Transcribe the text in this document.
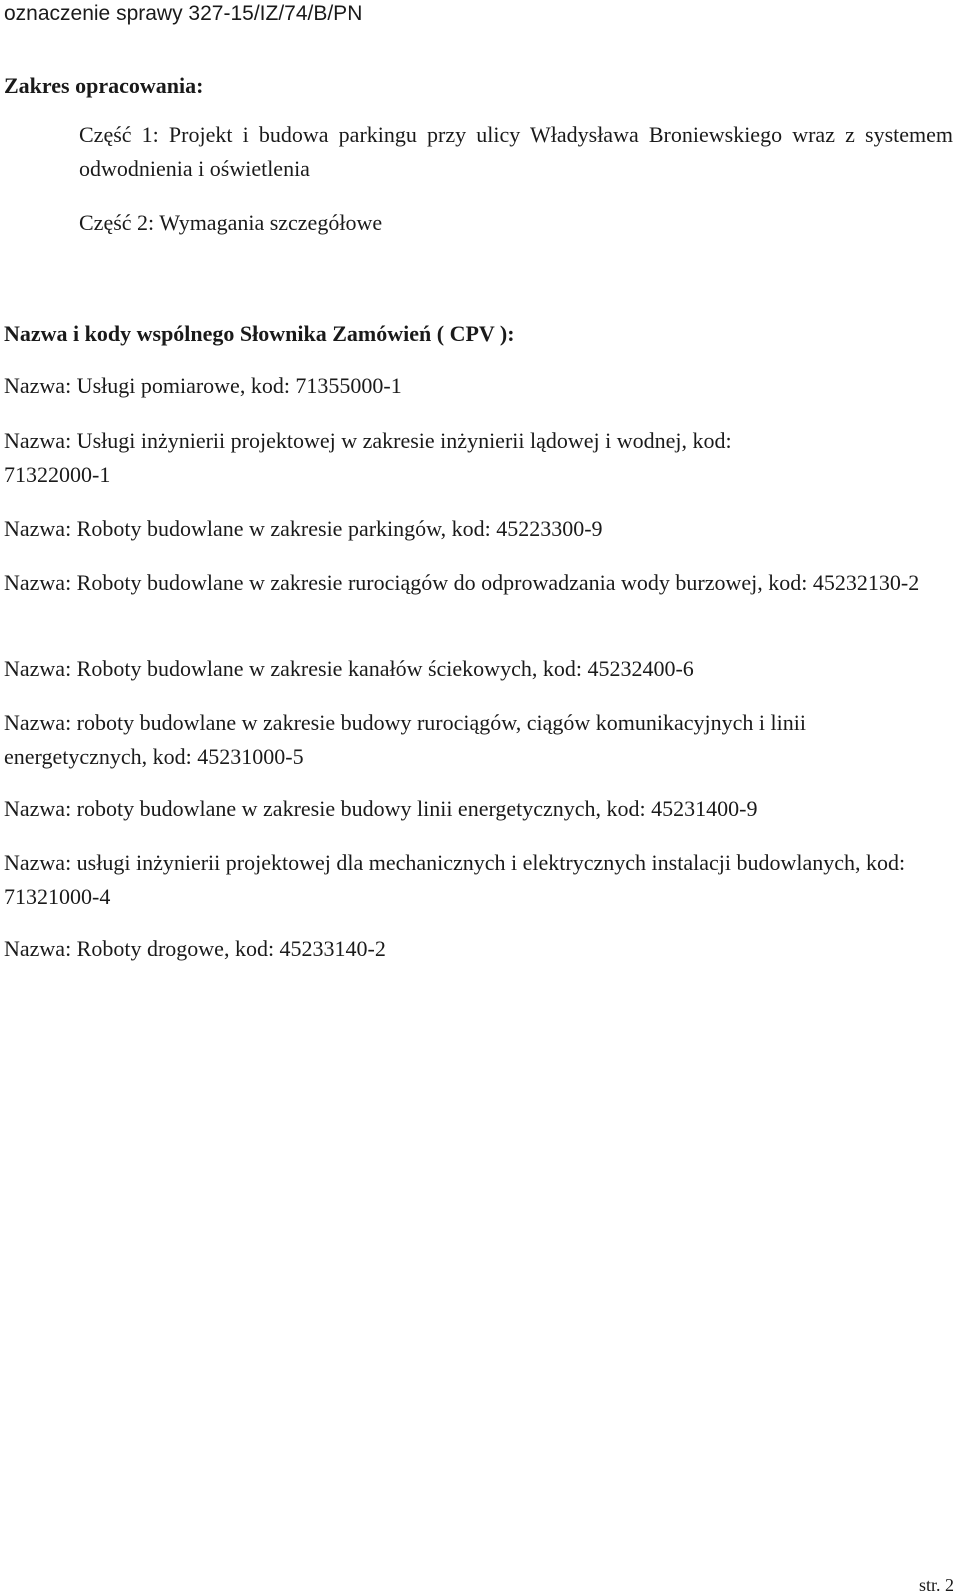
oznaczenie sprawy 327-15/IZ/74/B/PN
Zakres opracowania:
Część 1: Projekt i budowa parkingu przy ulicy Władysława Broniewskiego wraz z systemem odwodnienia i oświetlenia
Część 2: Wymagania szczegółowe
Nazwa i kody wspólnego Słownika Zamówień ( CPV ):
Nazwa: Usługi pomiarowe, kod: 71355000-1
Nazwa: Usługi inżynierii projektowej w zakresie inżynierii lądowej i wodnej, kod: 71322000-1
Nazwa: Roboty budowlane w zakresie parkingów, kod: 45223300-9
Nazwa: Roboty budowlane w zakresie rurociągów do odprowadzania wody burzowej, kod: 45232130-2
Nazwa: Roboty budowlane w zakresie kanałów ściekowych, kod: 45232400-6
Nazwa: roboty budowlane w zakresie budowy rurociągów, ciągów komunikacyjnych i linii energetycznych, kod: 45231000-5
Nazwa: roboty budowlane w zakresie budowy linii energetycznych, kod: 45231400-9
Nazwa: usługi inżynierii projektowej dla mechanicznych i elektrycznych instalacji budowlanych, kod: 71321000-4
Nazwa: Roboty drogowe, kod: 45233140-2
str. 2
